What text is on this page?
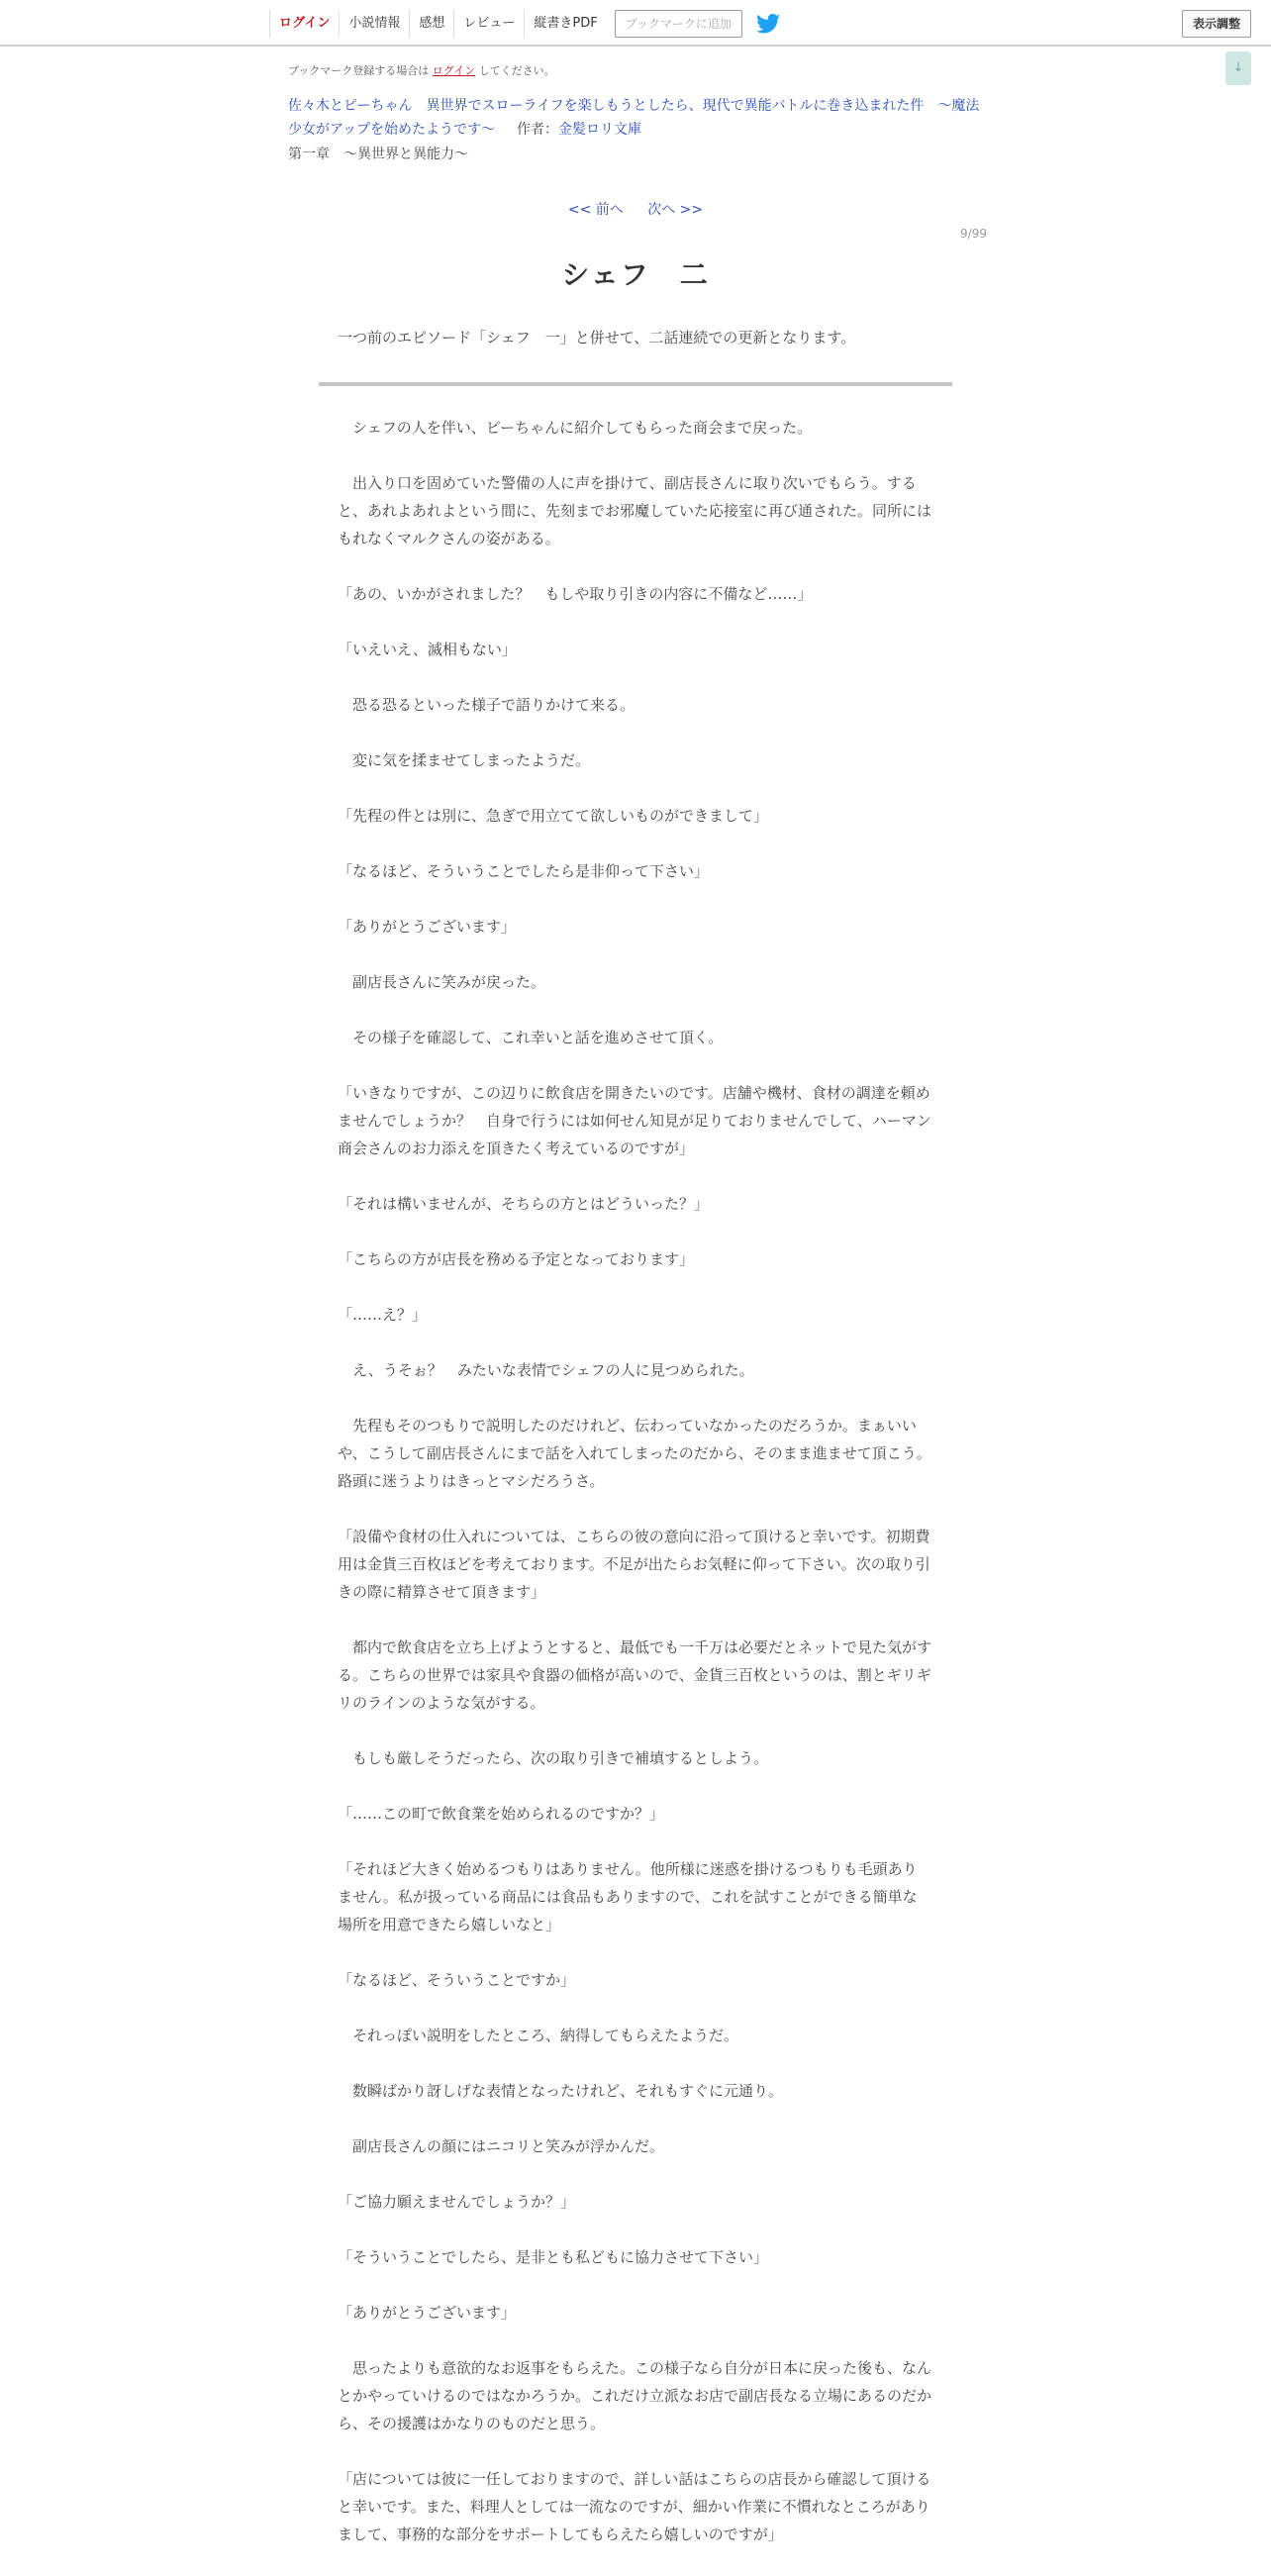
ログイン	小説情報	感想	レビュー	縦書きPDF	ブックマークに追加	表示調整
↓
ブックマーク登録する場合は ログイン してください。
佐々木とピーちゃん　異世界でスローライフを楽しもうとしたら、現代で異能バトルに巻き込まれた件　～魔法少女がアップを始めたようです～ 作者：金髪ロリ文庫
第一章　～異世界と異能力～
<< 前へ 次へ >>
9/99
シェフ　二
一つ前のエピソード「シェフ　一」と併せて、二話連続での更新となります。

　シェフの人を伴い、ピーちゃんに紹介してもらった商会まで戻った。

　出入り口を固めていた警備の人に声を掛けて、副店長さんに取り次いでもらう。すると、あれよあれよという間に、先刻までお邪魔していた応接室に再び通された。同所にはもれなくマルクさんの姿がある。

「あの、いかがされました？　もしや取り引きの内容に不備など……」

「いえいえ、滅相もない」

　恐る恐るといった様子で語りかけて来る。

　変に気を揉ませてしまったようだ。

「先程の件とは別に、急ぎで用立てて欲しいものができまして」

「なるほど、そういうことでしたら是非仰って下さい」

「ありがとうございます」

　副店長さんに笑みが戻った。

　その様子を確認して、これ幸いと話を進めさせて頂く。

「いきなりですが、この辺りに飲食店を開きたいのです。店舗や機材、食材の調達を頼めませんでしょうか？　自身で行うには如何せん知見が足りておりませんでして、ハーマン商会さんのお力添えを頂きたく考えているのですが」

「それは構いませんが、そちらの方とはどういった？」

「こちらの方が店長を務める予定となっております」

「……え？」

　え、うそぉ？　みたいな表情でシェフの人に見つめられた。

　先程もそのつもりで説明したのだけれど、伝わっていなかったのだろうか。まぁいいや、こうして副店長さんにまで話を入れてしまったのだから、そのまま進ませて頂こう。路頭に迷うよりはきっとマシだろうさ。

「設備や食材の仕入れについては、こちらの彼の意向に沿って頂けると幸いです。初期費用は金貨三百枚ほどを考えております。不足が出たらお気軽に仰って下さい。次の取り引きの際に精算させて頂きます」

　都内で飲食店を立ち上げようとすると、最低でも一千万は必要だとネットで見た気がする。こちらの世界では家具や食器の価格が高いので、金貨三百枚というのは、割とギリギリのラインのような気がする。

　もしも厳しそうだったら、次の取り引きで補填するとしよう。

「……この町で飲食業を始められるのですか？」

「それほど大きく始めるつもりはありません。他所様に迷惑を掛けるつもりも毛頭ありません。私が扱っている商品には食品もありますので、これを試すことができる簡単な場所を用意できたら嬉しいなと」

「なるほど、そういうことですか」

　それっぽい説明をしたところ、納得してもらえたようだ。

　数瞬ばかり訝しげな表情となったけれど、それもすぐに元通り。

　副店長さんの顔にはニコリと笑みが浮かんだ。

「ご協力願えませんでしょうか？」

「そういうことでしたら、是非とも私どもに協力させて下さい」

「ありがとうございます」

　思ったよりも意欲的なお返事をもらえた。この様子なら自分が日本に戻った後も、なんとかやっていけるのではなかろうか。これだけ立派なお店で副店長なる立場にあるのだから、その援護はかなりのものだと思う。

「店については彼に一任しておりますので、詳しい話はこちらの店長から確認して頂けると幸いです。また、料理人としては一流なのですが、細かい作業に不慣れなところがありまして、事務的な部分をサポートしてもらえたら嬉しいのですが」
